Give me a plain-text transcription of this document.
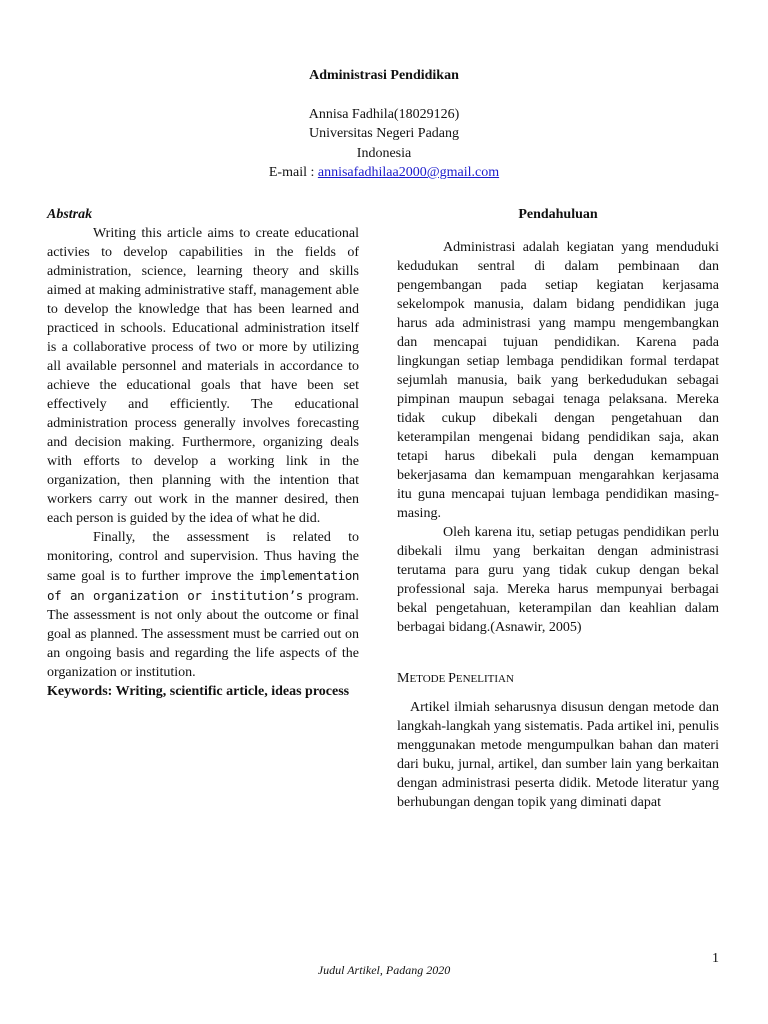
Administrasi Pendidikan
Annisa Fadhila(18029126)
Universitas Negeri Padang
Indonesia
E-mail : annisafadhilaa2000@gmail.com
Abstrak

Writing this article aims to create educational activies to develop capabilities in the fields of administration, science, learning theory and skills aimed at making administrative staff, management able to develop the knowledge that has been learned and practiced in schools. Educational administration itself is a collaborative process of two or more by utilizing all available personnel and materials in accordance to achieve the educational goals that have been set effectively and efficiently. The educational administration process generally involves forecasting and decision making. Furthermore, organizing deals with efforts to develop a working link in the organization, then planning with the intention that workers carry out work in the manner desired, then each person is guided by the idea of what he did.

Finally, the assessment is related to monitoring, control and supervision. Thus having the same goal is to further improve the implementation of an organization or institution’s program. The assessment is not only about the outcome or final goal as planned. The assessment must be carried out on an ongoing basis and regarding the life aspects of the organization or institution.

Keywords: Writing, scientific article, ideas process

Pendahuluan

Administrasi adalah kegiatan yang menduduki kedudukan sentral di dalam pembinaan dan pengembangan pada setiap kegiatan kerjasama sekelompok manusia, dalam bidang pendidikan juga harus ada administrasi yang mampu mengembangkan dan mencapai tujuan pendidikan. Karena pada lingkungan setiap lembaga pendidikan formal terdapat sejumlah manusia, baik yang berkedudukan sebagai pimpinan maupun sebagai tenaga pelaksana. Mereka tidak cukup dibekali dengan pengetahuan dan keterampilan mengenai bidang pendidikan saja, akan tetapi harus dibekali pula dengan kemampuan bekerjasama dan kemampuan mengarahkan kerjasama itu guna mencapai tujuan lembaga pendidikan masing-masing.

Oleh karena itu, setiap petugas pendidikan perlu dibekali ilmu yang berkaitan dengan administrasi terutama para guru yang tidak cukup dengan bekal professional saja. Mereka harus mempunyai berbagai bekal pengetahuan, keterampilan dan keahlian dalam berbagai bidang.(Asnawir, 2005)

METODE PENELITIAN

Artikel ilmiah seharusnya disusun dengan metode dan langkah-langkah yang sistematis. Pada artikel ini, penulis menggunakan metode mengumpulkan bahan dan materi dari buku, jurnal, artikel, dan sumber lain yang berkaitan dengan administrasi peserta didik. Metode literatur yang berhubungan dengan topik yang diminati dapat

1
Judul Artikel, Padang 2020
